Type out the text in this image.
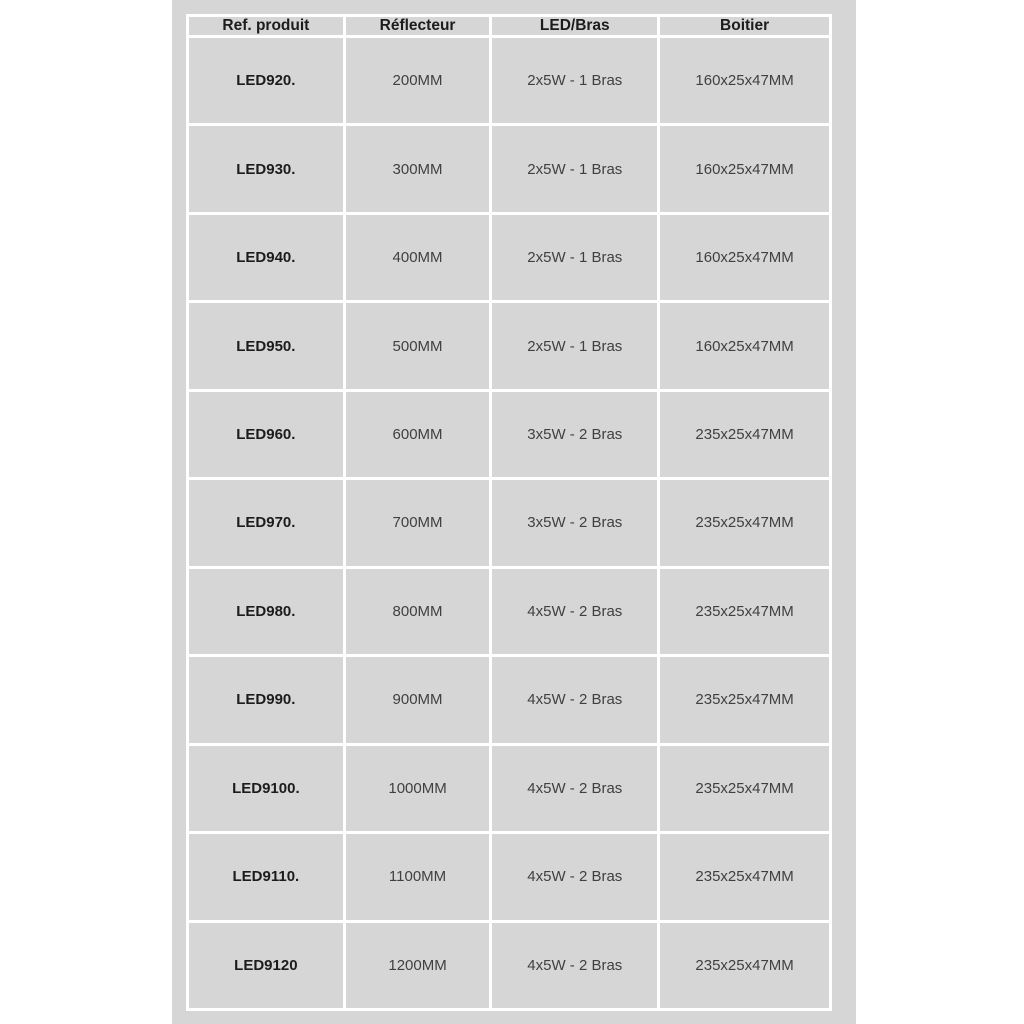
Ref. produit	Réflecteur	LED/Bras	Boitier
LED920.	200MM	2x5W - 1 Bras	160x25x47MM
LED930.	300MM	2x5W - 1 Bras	160x25x47MM
LED940.	400MM	2x5W - 1 Bras	160x25x47MM
LED950.	500MM	2x5W - 1 Bras	160x25x47MM
LED960.	600MM	3x5W - 2 Bras	235x25x47MM
LED970.	700MM	3x5W - 2 Bras	235x25x47MM
LED980.	800MM	4x5W - 2 Bras	235x25x47MM
LED990.	900MM	4x5W - 2 Bras	235x25x47MM
LED9100.	1000MM	4x5W - 2 Bras	235x25x47MM
LED9110.	1100MM	4x5W - 2 Bras	235x25x47MM
LED9120	1200MM	4x5W - 2 Bras	235x25x47MM
